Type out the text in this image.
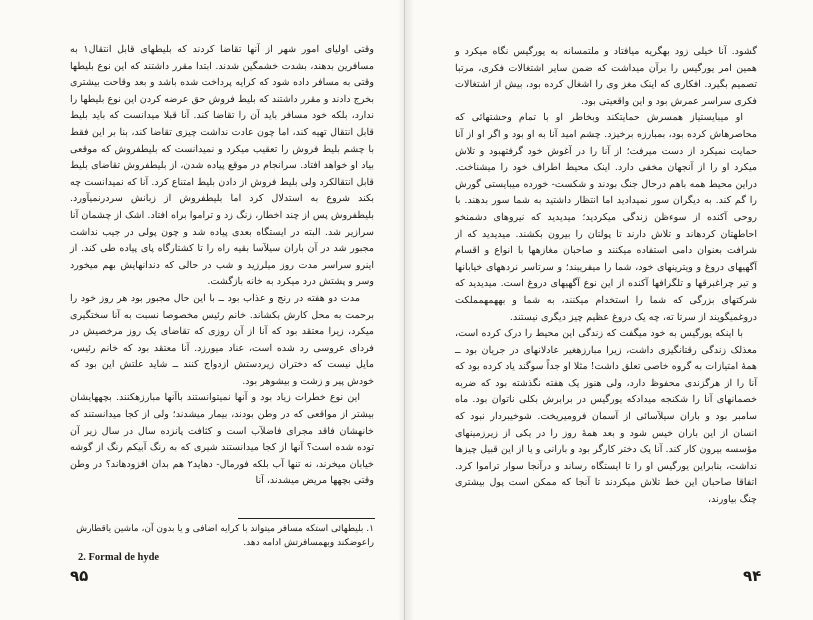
وقتی اولیای امور شهر از آنها تقاضا کردند که بلیطهای قابل انتقال۱ به مسافرین بدهند، بشدت خشمگین شدند. ابتدا مقرر داشتند که این نوع بلیطها وقتی به مسافر داده شود که کرایه پرداخت شده باشد و بعد وقاحت بیشتری بخرج دادند و مقرر داشتند که بلیط فروش حق عرضه کردن این نوع بلیطها را ندارد، بلکه خود مسافر باید آن را تقاضا کند. آنا قبلا میدانست که باید بلیط قابل انتقال تهیه کند، اما چون عادت نداشت چیزی تقاضا کند، بنا بر این فقط با چشم بلیط فروش را تعقیب میکرد و نمیدانست که بلیطفروش که موقعی بیاد او خواهد افتاد. سرانجام در موقع پیاده شدن، از بلیطفروش تقاضای بلیط قابل انتقالکرد ولی بلیط فروش از دادن بلیط امتناع کرد. آنا که نمیدانست چه بکند شروع به استدلال کرد اما بلیطفروش از زبانش سردرنمیآورد. بلیطفروش پس از چند اخطار، زنگ زد و تراموا براه افتاد. اشک از چشمان آنا سرازیر شد. البته در ایستگاه بعدی پیاده شد و چون پولی در جیب نداشت مجبور شد در آن باران سیلآسا بقیه راه را تا کشتارگاه پای پیاده طی کند. از اینرو سراسر مدت روز میلرزید و شب در حالی که دندانهایش بهم میخورد وسر و پشتش درد میکرد به خانه بازگشت.

مدت دو هفته در رنج و عذاب بود ــ با این حال مجبور بود هر روز خود را برحمت به محل کارش بکشاند. خانم رئیس مخصوصا نسبت به آنا سختگیری میکرد، زیرا معتقد بود که آنا از آن روزی که تقاضای یک روز مرخصیش در فردای عروسی رد شده است، عناد میورزد. آنا معتقد بود که خانم رئیس، مایل نیست که دختران زیردستش ازدواج کنند ــ شاید علتش این بود که خودش پیر و زشت و بیشوهر بود.

این نوع خطرات زیاد بود و آنها نمیتوانستند باآنها مبارزهکنند. بچههایشان بیشتر از مواقعی که در وطن بودند، بیمار میشدند؛ ولی از کجا میدانستند که خانهشان فاقد مجرای فاضلآب است و کثافت پانزده سال در سال زیر آن توده شده است؟ آنها از کجا میدانستند شیری که به رنگ آبیکم رنگ از گوشه خیابان میخرند، نه تنها آب بلکه فورمال- دهاید۲ هم بدان افزودهاند؟ در وطن وقتی بچهها مریض میشدند، آنا

۱. بلیطهائی استکه مسافر میتواند با کرایه اضافی و یا بدون آن، ماشین یاقطارش راعوضکند وبهمسافرتش ادامه دهد.

2. Formal de hyde
۹۵

گشود. آنا خیلی زود بهگریه میافتاد و ملتمسانه به یورگیس نگاه میکرد و همین امر یورگیس را برآن میداشت که ضمن سایر اشتغالات فکری، مرتبا تصمیم بگیرد. افکاری که اینک مغز وی را اشغال کرده بود، بیش از اشتغالات فکری سراسر عمرش بود و این واقعیتی بود.

او میبایستیاز همسرش حمایتکند وبخاطر او با تمام وحشتهائی که محاصرهاش کرده بود، بمبارزه برخیزد. چشم امید آنا به او بود و اگر او از آنا حمایت نمیکرد از دست میرفت؛ از آنا را در آغوش خود گرفتهبود و تلاش میکرد او را از آنجهان مخفی دارد. اینک محیط اطراف خود را میشناخت. دراین محیط همه باهم درحال جنگ بودند و شکست- خورده میبایستی گورش را گم کند. به دیگران سور نمیدادید اما انتظار داشتید به شما سور بدهند. با روحی آکنده از سوءظن زندگی میکردید؛ میدیدید که نیروهای دشمنخو احاطهتان کردهاند و تلاش دارند تا پولتان را بیرون بکشند. میدیدید که از شرافت بعنوان دامی استفاده میکنند و صاحبان مغازهها با انواع و اقسام آگهیهای دروغ و ویترینهای خود، شما را میفریبند؛ و سرتاسر نردههای خیابانها و تیر چراغبرقها و تلگرافها آکنده از این نوع آگهیهای دروغ است. میدیدید که شرکتهای بزرگی که شما را استخدام میکنند، به شما و بههمهمملکت دروغمیگویند از سرتا ته، چه یک دروغ عظیم چیز دیگری نیستند.

با اینکه یورگیس به خود میگفت که زندگی این محیط را درک کرده است، معذلک زندگی رقتانگیزی داشت، زیرا مبارزهغیر عادلانهای در جریان بود ــ همهٔ امتیازات به گروه خاصی تعلق داشت! مثلا او جداً سوگند یاد کرده بود که آنا را از هرگزندی محفوظ دارد، ولی هنوز یک هفته نگذشته بود که ضربه خصمانهای آنا را شکنجه میدادکه یورگیس در برابرش بکلی ناتوان بود. ماه سامبر بود و باران سیلآسائی از آسمان فرومیریخت. شوخیبردار نبود که انسان از این باران خیس شود و بعد همهٔ روز را در یکی از زیرزمینهای مؤسسه بیرون کار کند. آنا یک دختر کارگر بود و بارانی و یا از این قبیل چیزها نداشت، بنابراین یورگیس او را تا ایستگاه رساند و درآنجا سوار تراموا کرد. اتفاقا صاحبان این خط تلاش میکردند تا آنجا که ممکن است پول بیشتری چنگ بیاورند،

۹۴
